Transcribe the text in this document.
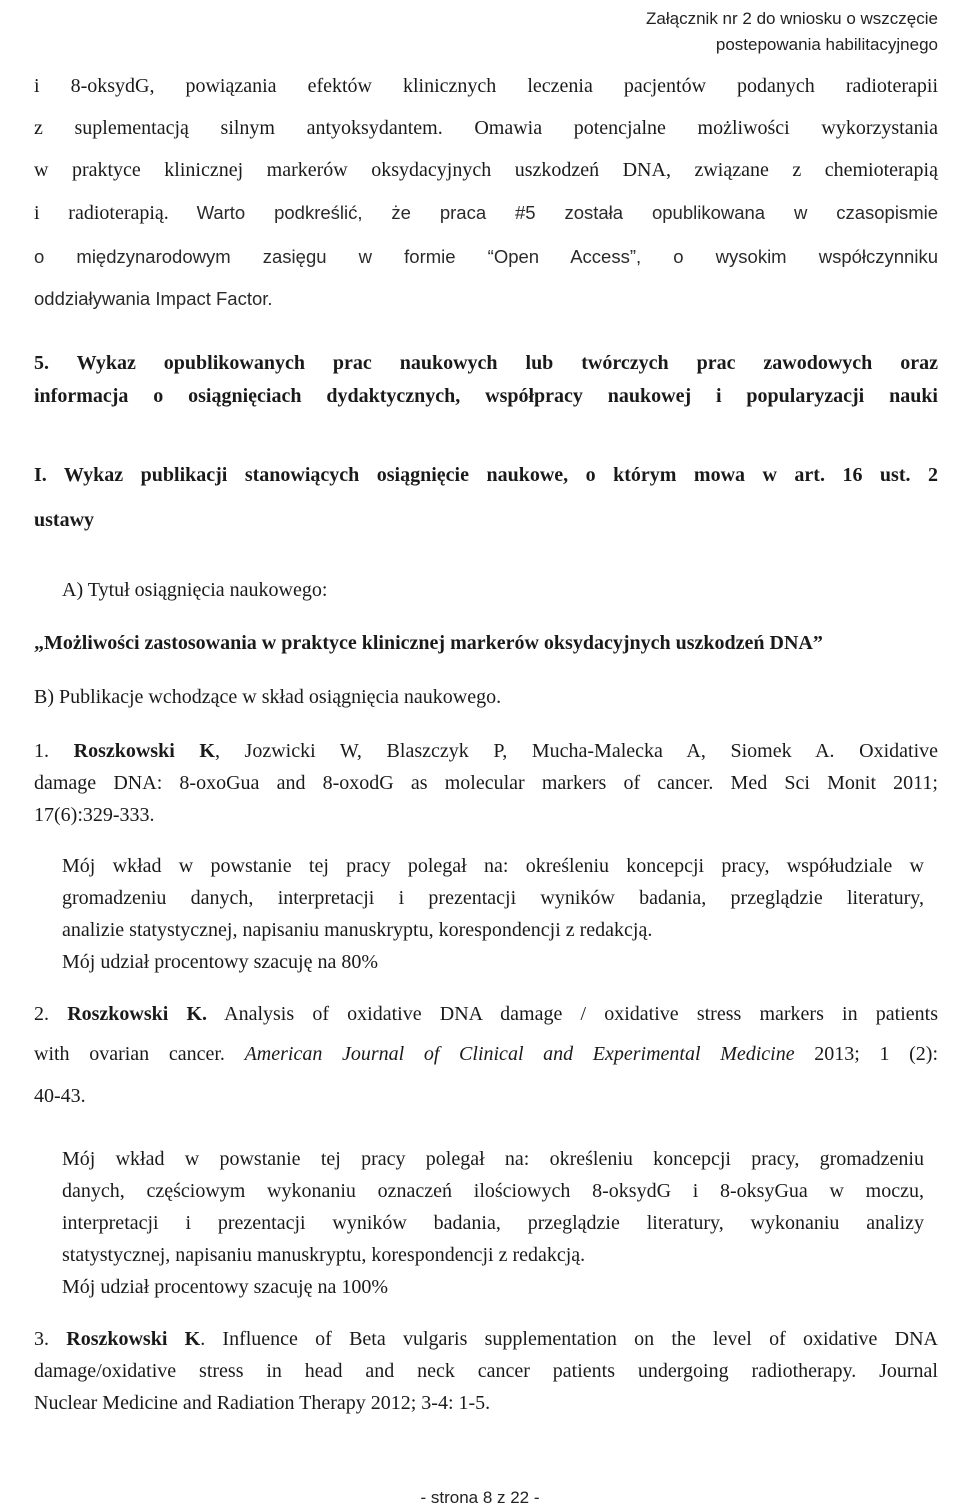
Załącznik nr 2 do wniosku o wszczęcie
postepowania habilitacyjnego

i 8-oksydG, powiązania efektów klinicznych leczenia pacjentów podanych radioterapii

z suplementacją silnym antyoksydantem. Omawia potencjalne możliwości wykorzystania

w praktyce klinicznej markerów oksydacyjnych uszkodzeń DNA, związane z chemioterapią

i radioterapią. Warto podkreślić, że praca #5 została opublikowana w czasopismie

o międzynarodowym zasięgu w formie “Open Access”, o wysokim współczynniku

oddziaływania Impact Factor.

5. Wykaz opublikowanych prac naukowych lub twórczych prac zawodowych oraz

informacja o osiągnięciach dydaktycznych, współpracy naukowej i popularyzacji nauki

I. Wykaz publikacji stanowiących osiągnięcie naukowe, o którym mowa w art. 16 ust. 2

ustawy

A) Tytuł osiągnięcia naukowego:

„Możliwości zastosowania w praktyce klinicznej markerów oksydacyjnych uszkodzeń DNA”

B) Publikacje wchodzące w skład osiągnięcia naukowego.

1. Roszkowski K, Jozwicki W, Blaszczyk P, Mucha-Malecka A, Siomek A. Oxidative

damage DNA: 8-oxoGua and 8-oxodG as molecular markers of cancer. Med Sci Monit 2011;

17(6):329-333.

Mój wkład w powstanie tej pracy polegał na: określeniu koncepcji pracy, współudziale w

gromadzeniu danych, interpretacji i prezentacji wyników badania, przeglądzie literatury,

analizie statystycznej, napisaniu manuskryptu, korespondencji z redakcją.

Mój udział procentowy szacuję na 80%

2. Roszkowski K. Analysis of oxidative DNA damage / oxidative stress markers in patients

with ovarian cancer. American Journal of Clinical and Experimental Medicine 2013; 1 (2):

40-43.

Mój wkład w powstanie tej pracy polegał na: określeniu koncepcji pracy, gromadzeniu

danych, częściowym wykonaniu oznaczeń ilościowych 8-oksydG i 8-oksyGua w moczu,

interpretacji i prezentacji wyników badania, przeglądzie literatury, wykonaniu analizy

statystycznej, napisaniu manuskryptu, korespondencji z redakcją.

Mój udział procentowy szacuję na 100%

3. Roszkowski K. Influence of Beta vulgaris supplementation on the level of oxidative DNA

damage/oxidative stress in head and neck cancer patients undergoing radiotherapy. Journal

Nuclear Medicine and Radiation Therapy 2012; 3-4: 1-5.

- strona 8 z 22 -
